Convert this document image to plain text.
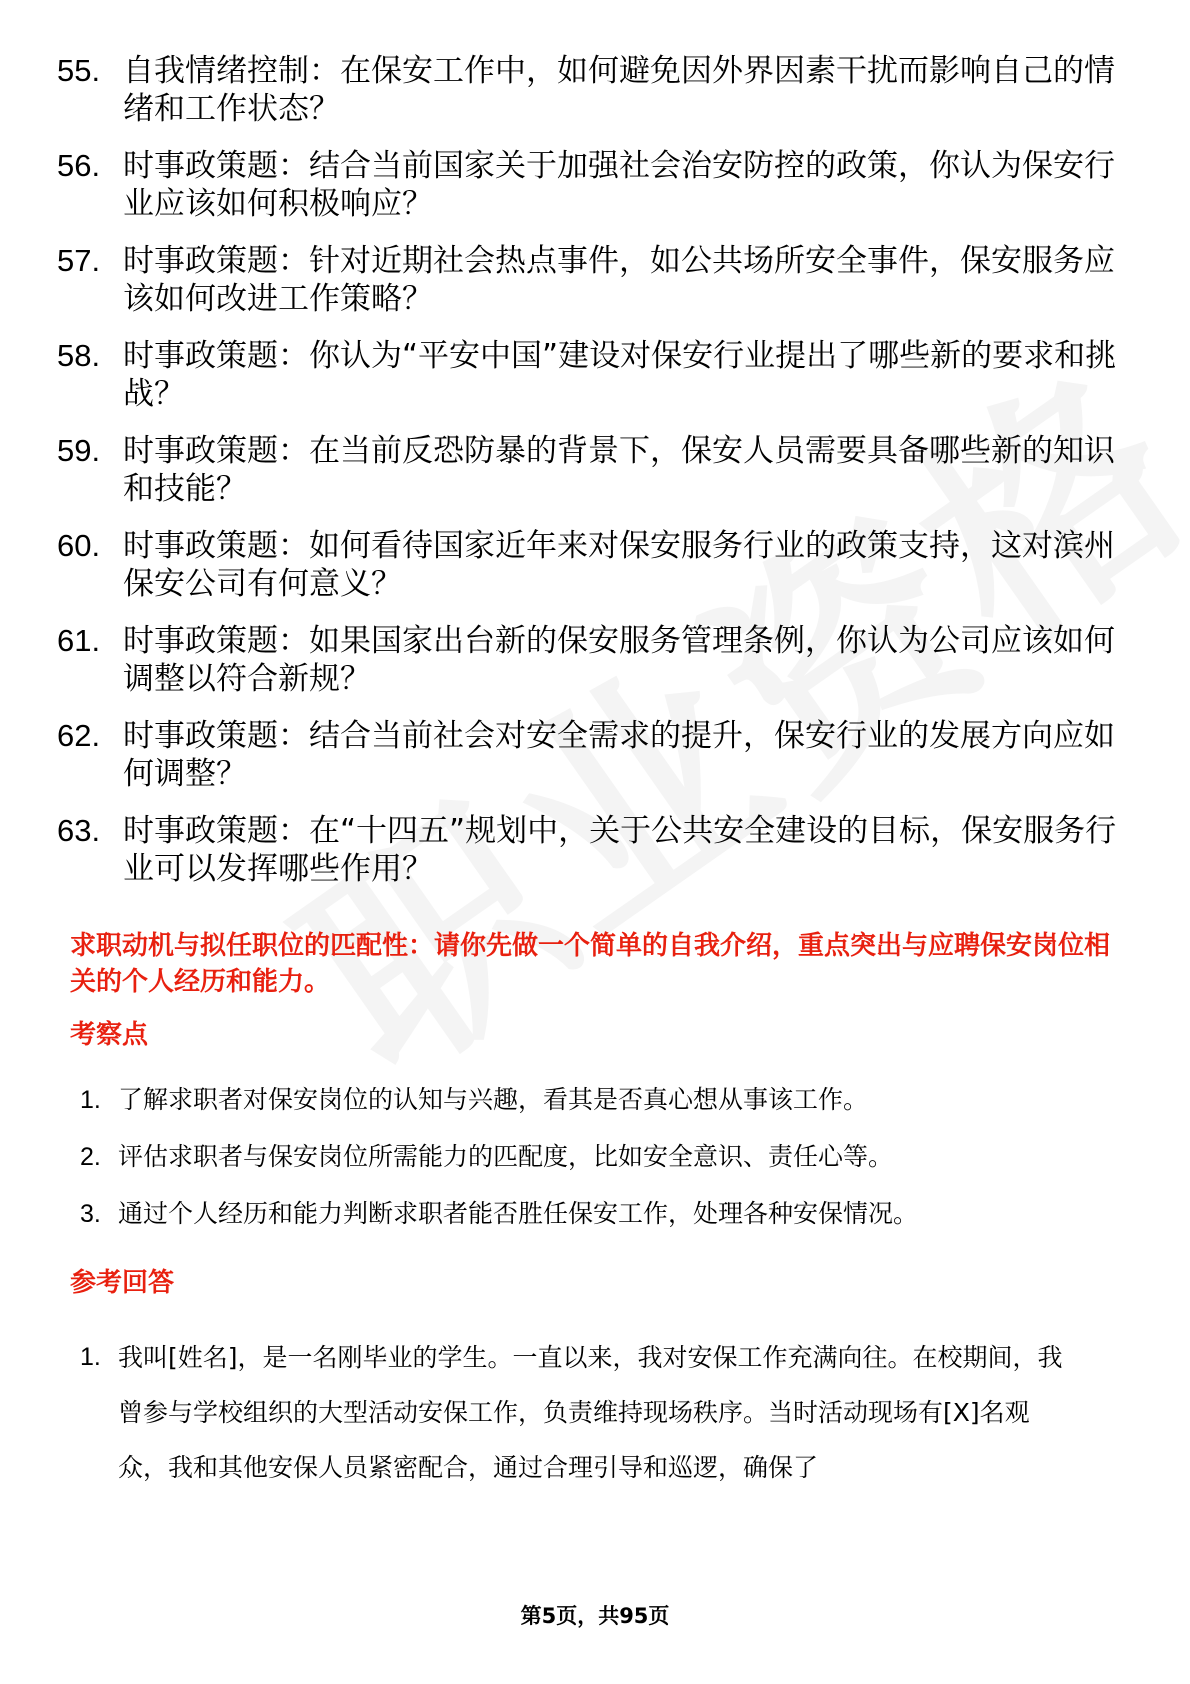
55. 自我情绪控制：在保安工作中，如何避免因外界因素干扰而影响自己的情绪和工作状态？
56. 时事政策题：结合当前国家关于加强社会治安防控的政策，你认为保安行业应该如何积极响应？
57. 时事政策题：针对近期社会热点事件，如公共场所安全事件，保安服务应该如何改进工作策略？
58. 时事政策题：你认为“平安中国”建设对保安行业提出了哪些新的要求和挑战？
59. 时事政策题：在当前反恐防暴的背景下，保安人员需要具备哪些新的知识和技能？
60. 时事政策题：如何看待国家近年来对保安服务行业的政策支持，这对滨州保安公司有何意义？
61. 时事政策题：如果国家出台新的保安服务管理条例，你认为公司应该如何调整以符合新规？
62. 时事政策题：结合当前社会对安全需求的提升，保安行业的发展方向应如何调整？
63. 时事政策题：在“十四五”规划中，关于公共安全建设的目标，保安服务行业可以发挥哪些作用？
求职动机与拟任职位的匹配性：请你先做一个简单的自我介绍，重点突出与应聘保安岗位相关的个人经历和能力。
考察点
1. 了解求职者对保安岗位的认知与兴趣，看其是否真心想从事该工作。
2. 评估求职者与保安岗位所需能力的匹配度，比如安全意识、责任心等。
3. 通过个人经历和能力判断求职者能否胜任保安工作，处理各种安保情况。
参考回答
1. 我叫[姓名]，是一名刚毕业的学生。一直以来，我对安保工作充满向往。在校期间，我曾参与学校组织的大型活动安保工作，负责维持现场秩序。当时活动现场有[X]名观众，我和其他安保人员紧密配合，通过合理引导和巡逻，确保了
第5页，共95页
